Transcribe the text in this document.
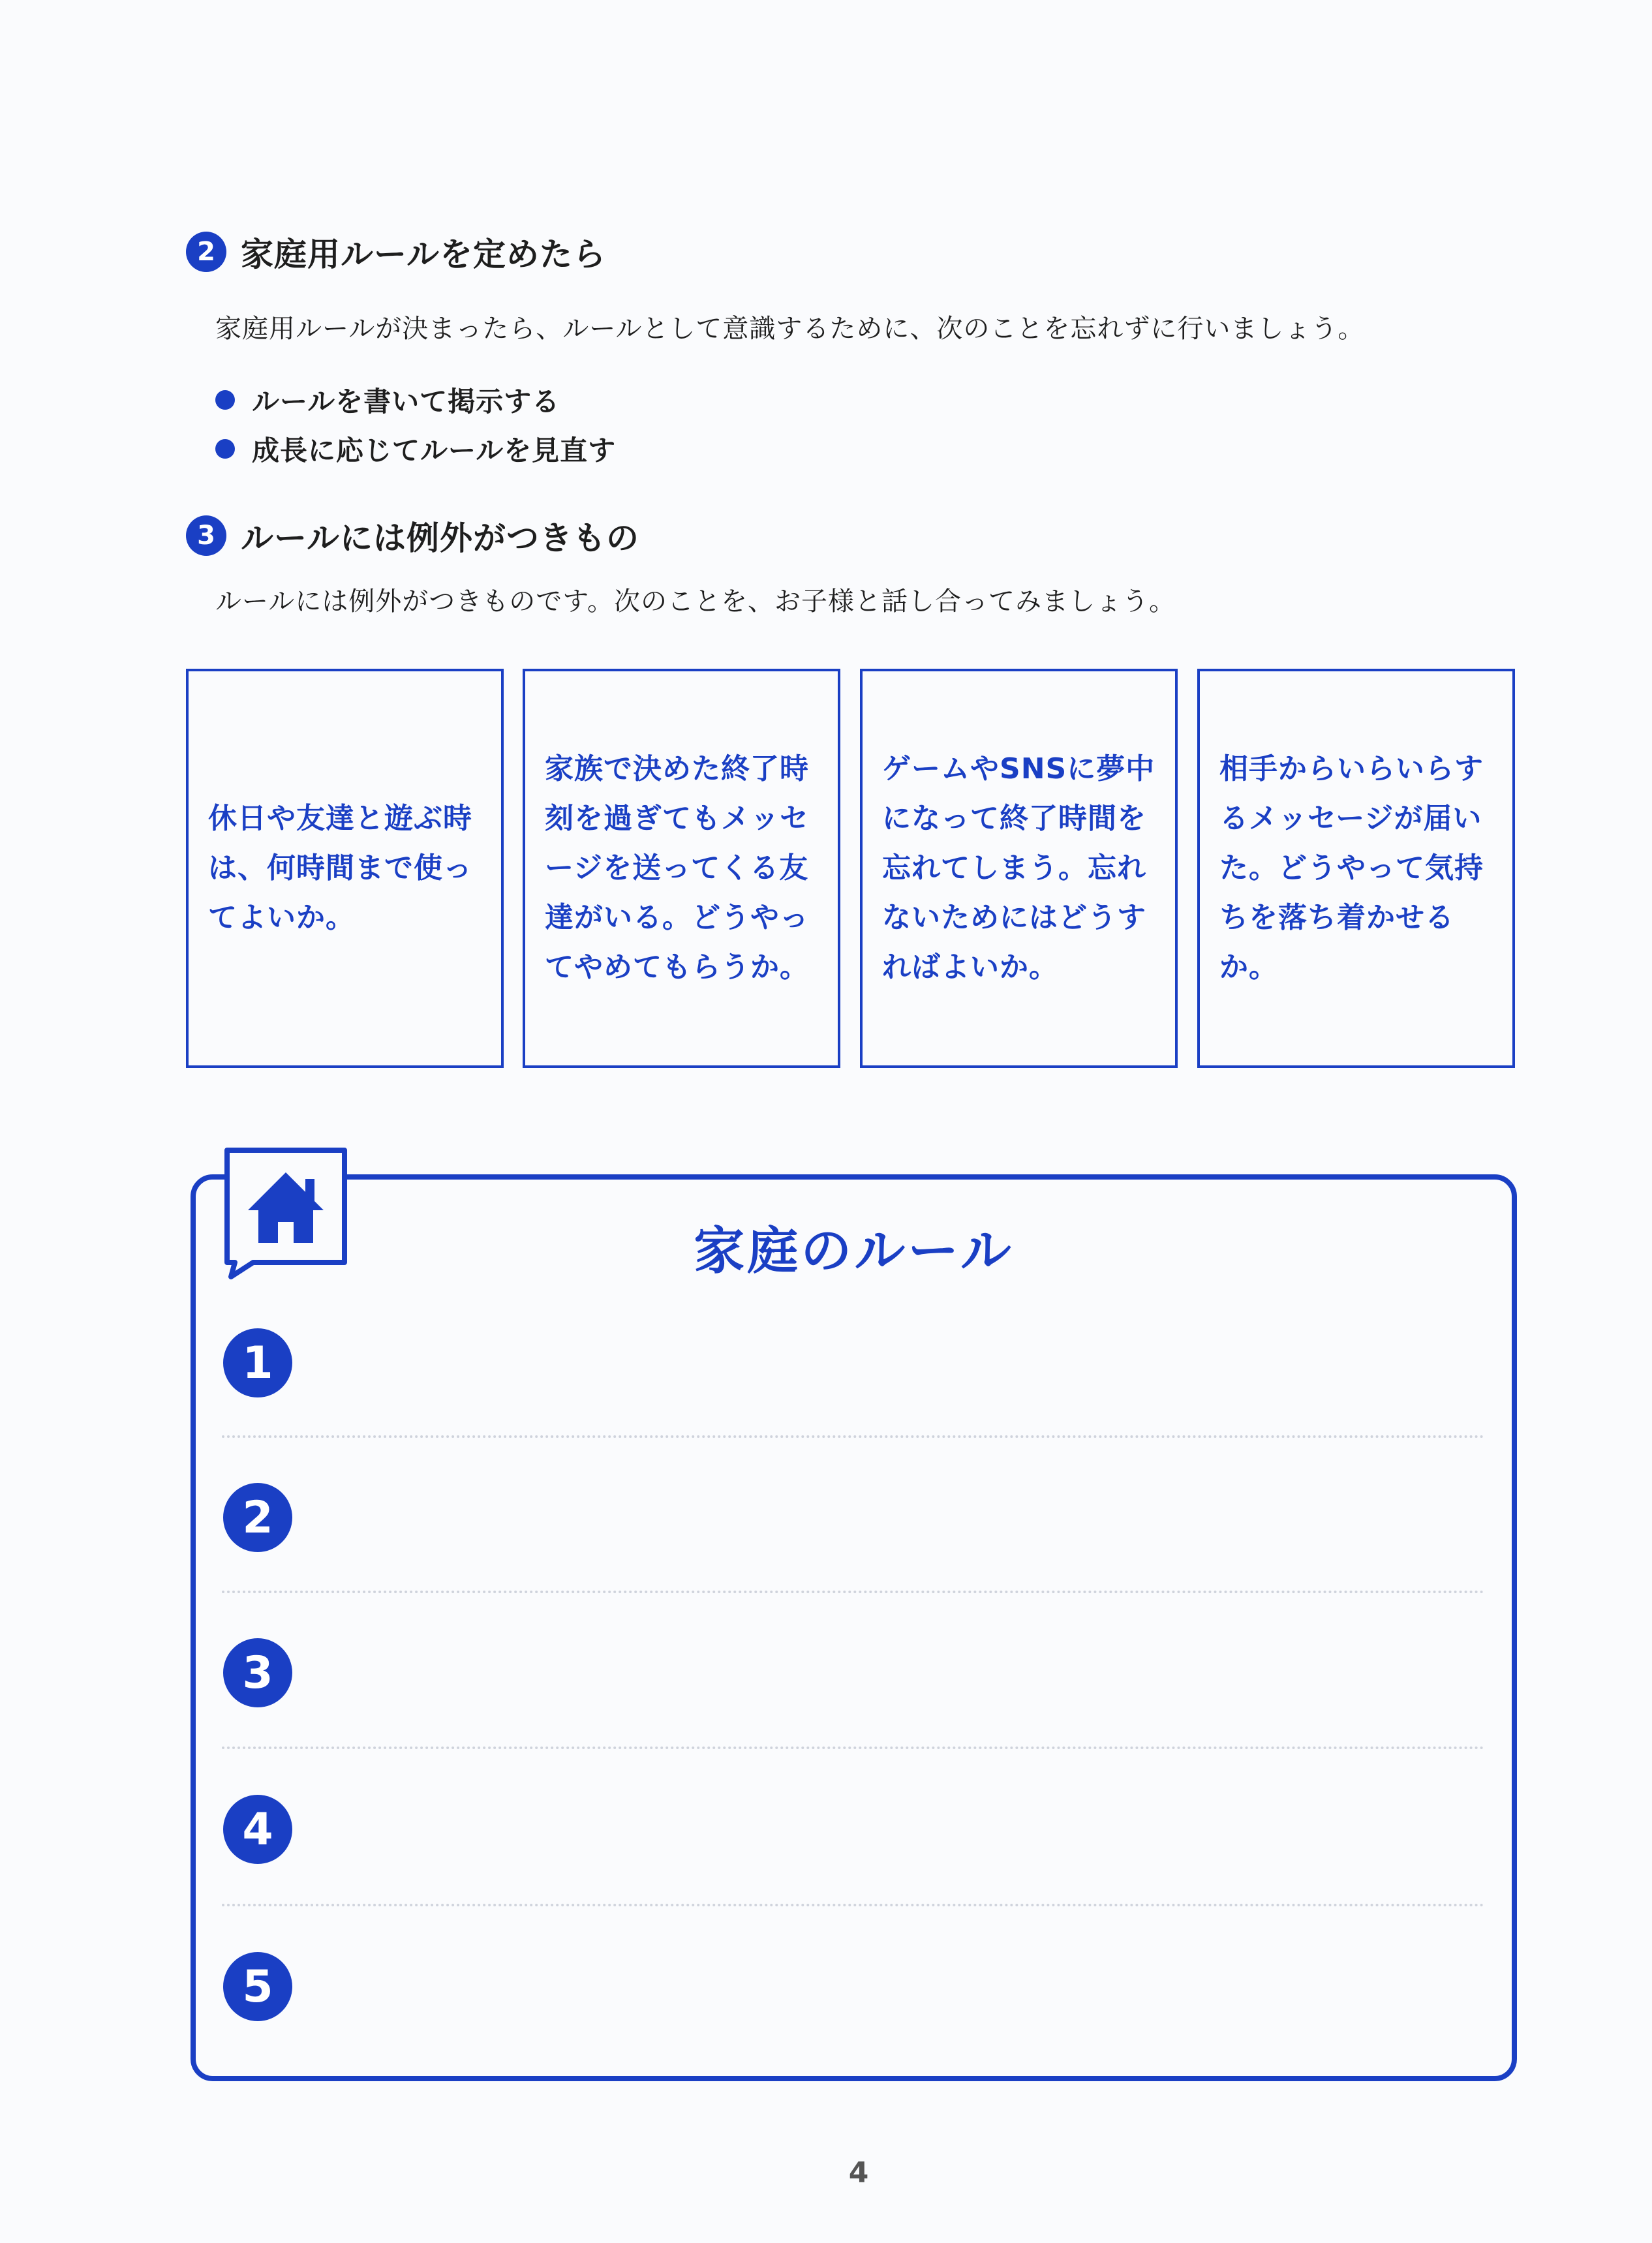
2 家庭用ルールを定めたら
家庭用ルールが決まったら、ルールとして意識するために、次のことを忘れずに行いましょう。
ルールを書いて掲示する
成長に応じてルールを見直す
3 ルールには例外がつきもの
ルールには例外がつきものです。次のことを、お子様と話し合ってみましょう。
休日や友達と遊ぶ時は、何時間まで使ってよいか。
家族で決めた終了時刻を過ぎてもメッセージを送ってくる友達がいる。どうやってやめてもらうか。
ゲームやSNSに夢中になって終了時間を忘れてしまう。忘れないためにはどうすればよいか。
相手からいらいらするメッセージが届いた。どうやって気持ちを落ち着かせるか。
家庭のルール
1
2
3
4
5
4
